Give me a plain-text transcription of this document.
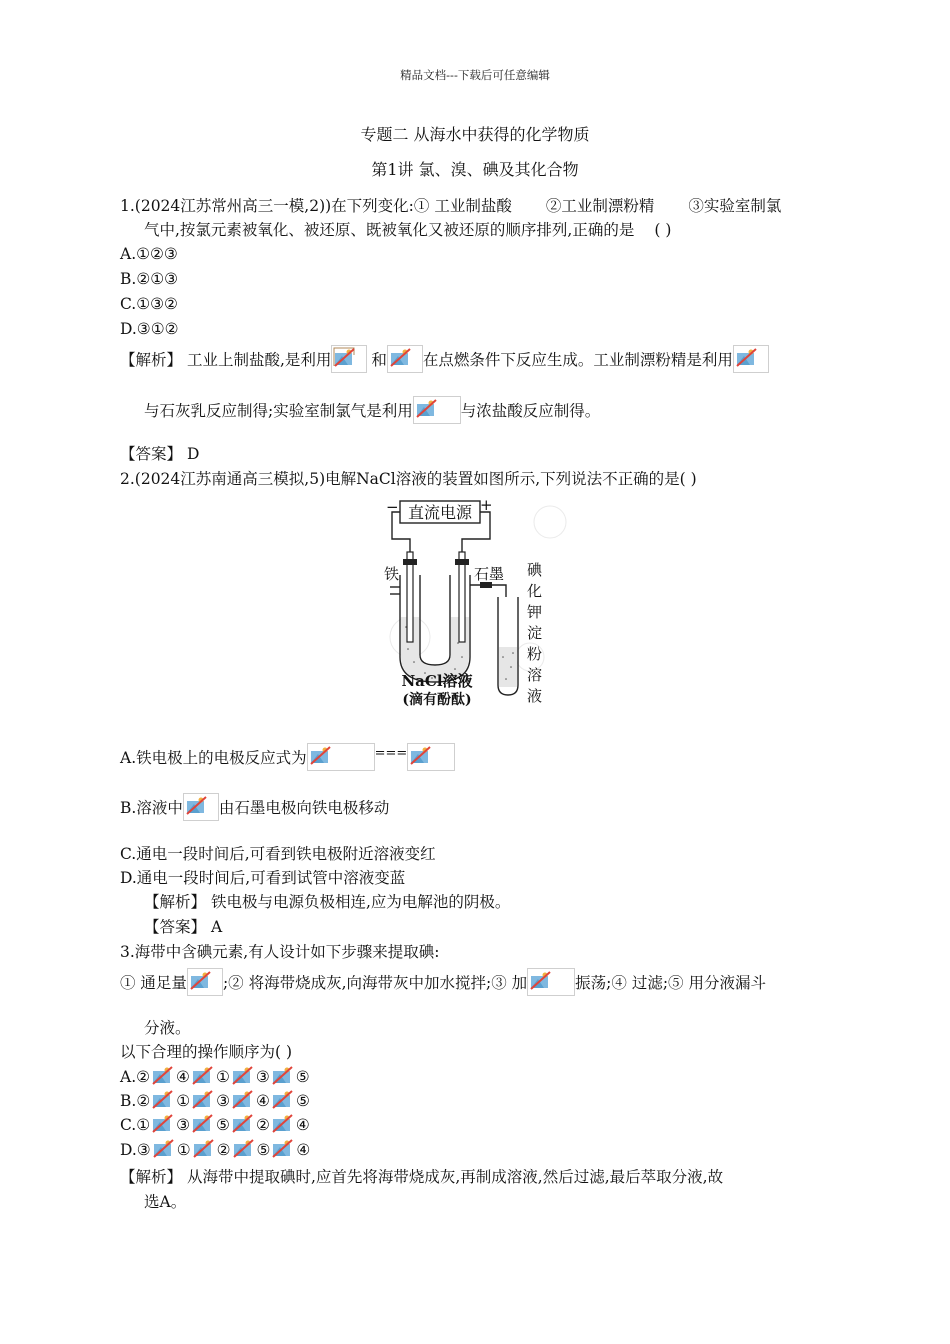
精品文档---下载后可任意编辑
专题二 从海水中获得的化学物质
第1讲 氯、溴、碘及其化合物
1.(2024江苏常州高三一模,2))在下列变化:① 工业制盐酸 ②工业制漂粉精 ③实验室制氯
气中,按氯元素被氧化、被还原、既被氧化又被还原的顺序排列,正确的是 ( )
A.①②③
B.②①③
C.①③②
D.③①②
【解析】 工业上制盐酸,是利用	和 在点燃条件下反应生成。工业制漂粉精是利用
与石灰乳反应制得;实验室制氯气是利用	与浓盐酸反应制得。
【答案】 D
2.(2024江苏南通高三模拟,5)电解NaCl溶液的装置如图所示,下列说法不正确的是( )
直流电源
−	+
铁	石墨 碘
化
钾
淀
粉
溶
液
NaCl溶液
(滴有酚酞)
A.铁电极上的电极反应式为	===
B.溶液中 由石墨电极向铁电极移动
C.通电一段时间后,可看到铁电极附近溶液变红
D.通电一段时间后,可看到试管中溶液变蓝
【解析】 铁电极与电源负极相连,应为电解池的阴极。
【答案】 A
3.海带中含碘元素,有人设计如下步骤来提取碘:
① 通足量 ;② 将海带烧成灰,向海带灰中加水搅拌;③ 加	振荡;④ 过滤;⑤ 用分液漏斗
分液。
以下合理的操作顺序为( )
A.② ④ ① ③ ⑤
B.② ① ③ ④ ⑤
C.① ③ ⑤ ② ④
D.③ ① ② ⑤ ④
【解析】 从海带中提取碘时,应首先将海带烧成灰,再制成溶液,然后过滤,最后萃取分液,故
选A。
